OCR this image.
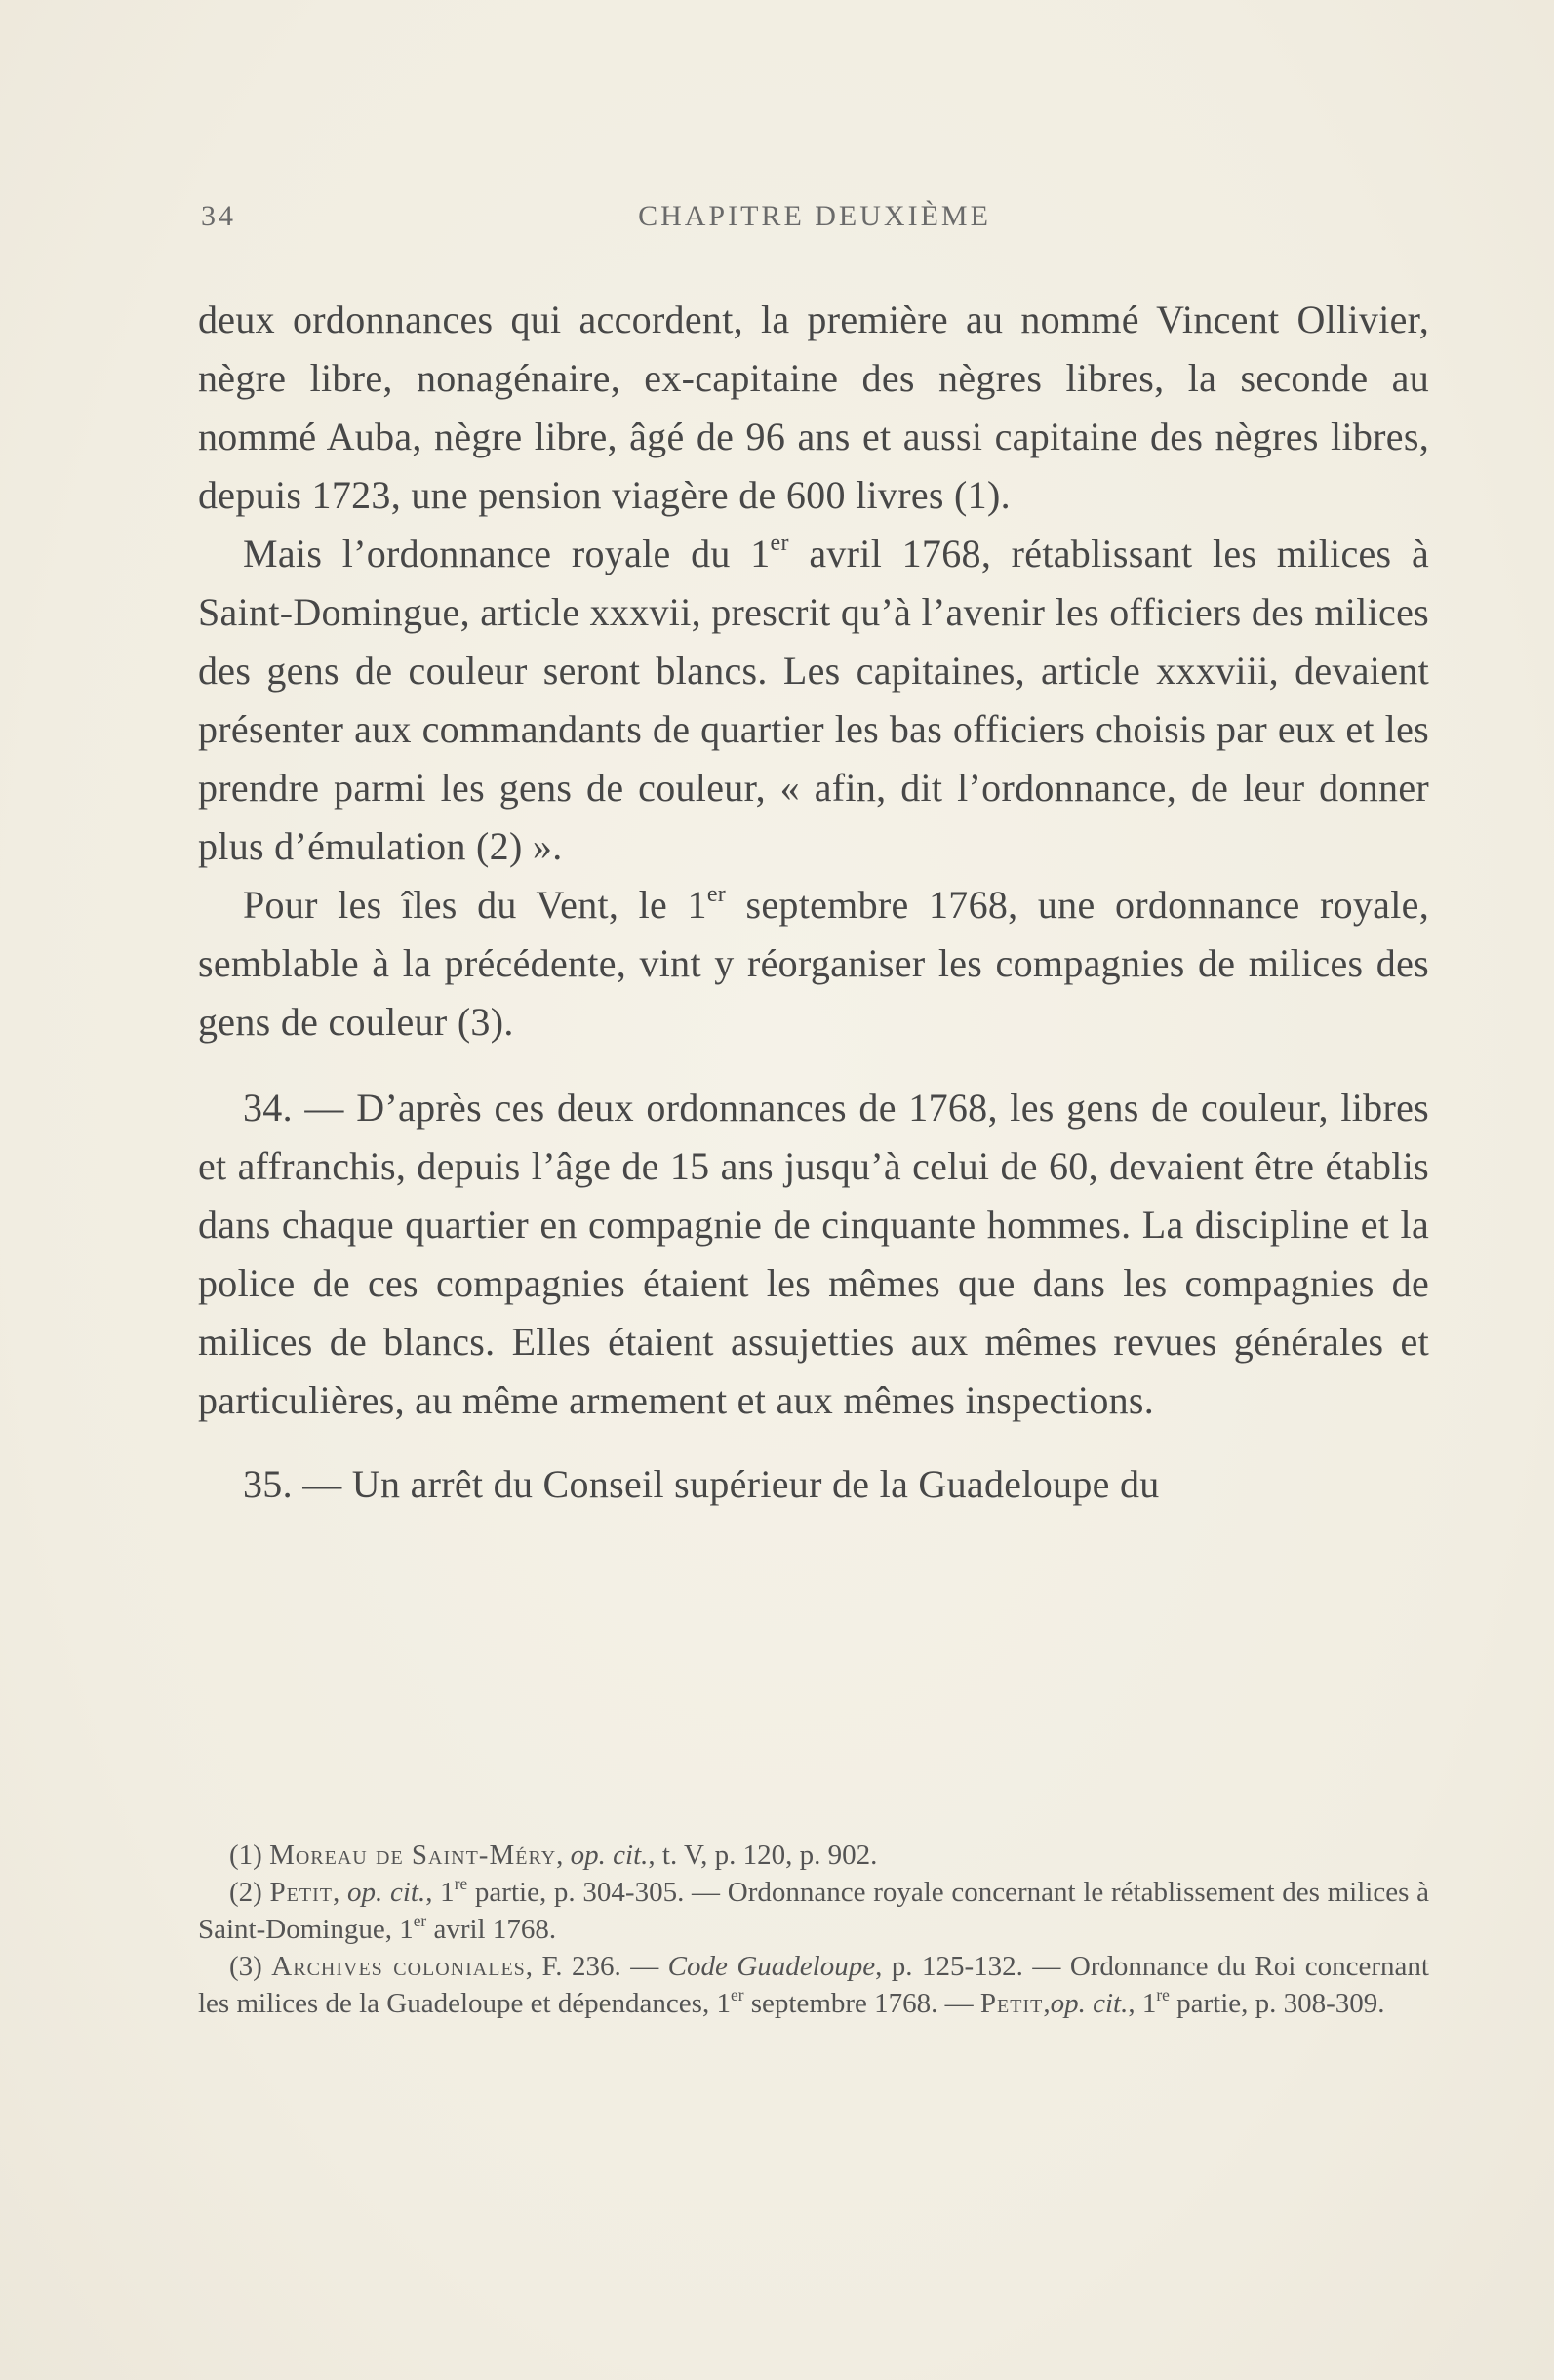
34	CHAPITRE DEUXIÈME

deux ordonnances qui accordent, la première au nommé Vincent Ollivier, nègre libre, nonagénaire, ex-capitaine des nègres libres, la seconde au nommé Auba, nègre libre, âgé de 96 ans et aussi capitaine des nègres libres, depuis 1723, une pension viagère de 600 livres (1).

Mais l’ordonnance royale du 1er avril 1768, rétablissant les milices à Saint-Domingue, article xxxvii, prescrit qu’à l’avenir les officiers des milices des gens de couleur seront blancs. Les capitaines, article xxxviii, devaient présenter aux commandants de quartier les bas officiers choisis par eux et les prendre parmi les gens de couleur, « afin, dit l’ordonnance, de leur donner plus d’émulation (2) ».

Pour les îles du Vent, le 1er septembre 1768, une ordonnance royale, semblable à la précédente, vint y réorganiser les compagnies de milices des gens de couleur (3).

34. — D’après ces deux ordonnances de 1768, les gens de couleur, libres et affranchis, depuis l’âge de 15 ans jusqu’à celui de 60, devaient être établis dans chaque quartier en compagnie de cinquante hommes. La discipline et la police de ces compagnies étaient les mêmes que dans les compagnies de milices de blancs. Elles étaient assujetties aux mêmes revues générales et particulières, au même armement et aux mêmes inspections.

35. — Un arrêt du Conseil supérieur de la Guadeloupe du

(1) Moreau de Saint-Méry, op. cit., t. V, p. 120, p. 902.

(2) Petit, op. cit., 1re partie, p. 304-305. — Ordonnance royale concernant le rétablissement des milices à Saint-Domingue, 1er avril 1768.

(3) Archives coloniales, F. 236. — Code Guadeloupe, p. 125-132. — Ordonnance du Roi concernant les milices de la Guadeloupe et dépendances, 1er septembre 1768. — Petit,op. cit., 1re partie, p. 308-309.
